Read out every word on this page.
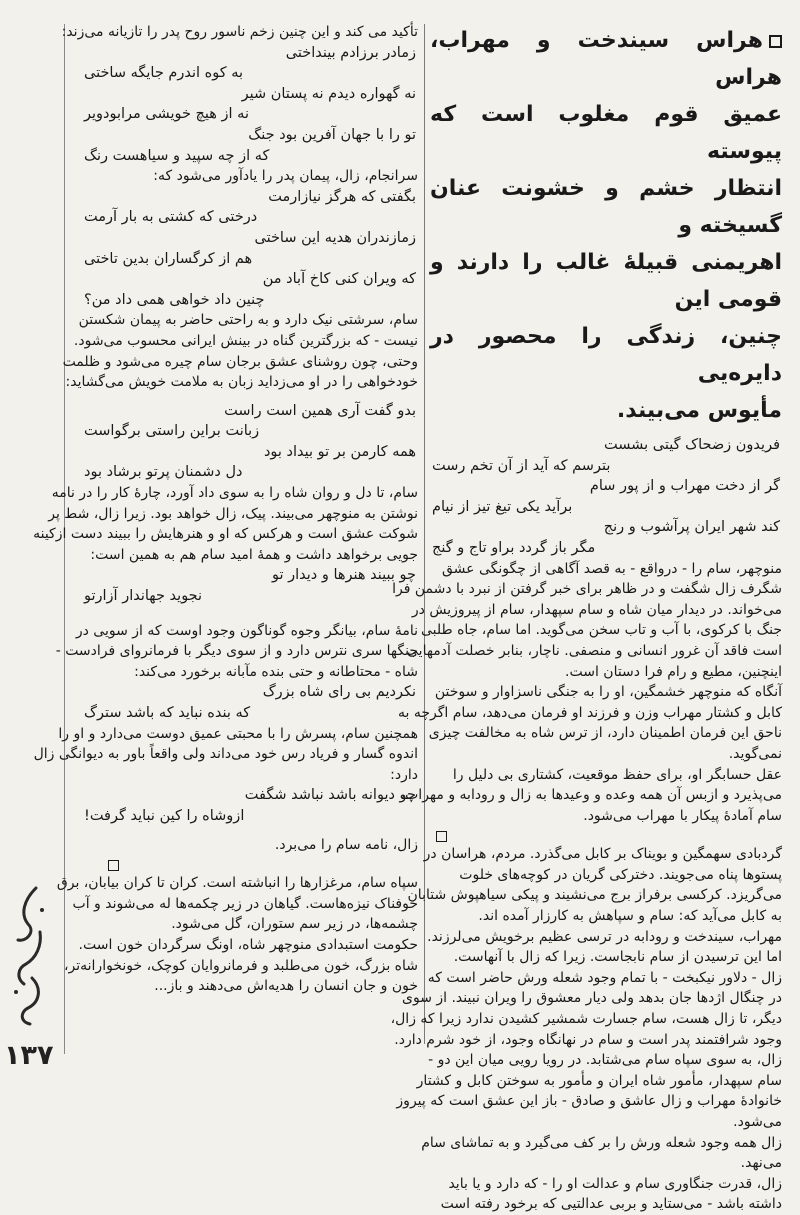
هراس سیندخت و مهراب، هراس
عمیق قوم مغلوب است که پیوسته
انتظار خشم و خشونت عنان گسیخته و
اهریمنی قبیلهٔ غالب را دارند و قومی این
چنین، زندگی را محصور در دایره‌یی
مأیوس می‌بیند.
فریدون زضحاک گیتی بشست
بترسم که آید از آن تخم رست
گر از دخت مهراب و از پور سام
برآید یکی تیغ تیز از نیام
کند شهر ایران پرآشوب و رنج
مگر باز گردد براو تاج و گنج
منوچهر، سام را - درواقع - به قصد آگاهی از چگونگی عشق
شگرف زال شگفت و در ظاهر برای خبر گرفتن از نبرد با دشمن فرا
می‌خواند. در دیدار میان شاه و سام سپهدار، سام از پیروزیش در
جنگ با کرکوی، با آب و تاب سخن می‌گوید. اما سام، جاه طلبی
است فاقد آن غرور انسانی و منصفی. ناچار، بنابر خصلت آدمهایی
اینچنین، مطیع و رام فرا دستان است.
آنگاه که منوچهر خشمگین، او را به جنگی ناسزاوار و سوختن
کابل و کشتار مهراب وزن و فرزند او فرمان می‌دهد، سام اگرچه به
ناحق این فرمان اطمینان دارد، از ترس شاه به مخالفت چیزی
نمی‌گوید.
عقل حسابگر او، برای حفظ موقعیت، کشتاری بی دلیل را
می‌پذیرد و ازبس آن همه وعده و وعیدها به زال و رودابه و مهراب،
سام آمادهٔ پیکار با مهراب می‌شود.
گردبادی سهمگین و بویناک بر کابل می‌گذرد. مردم، هراسان در
پستوها پناه می‌جویند. دخترکی گریان در کوچه‌های خلوت
می‌گریزد. کرکسی برفراز برج می‌نشیند و پیکی سیاهپوش شتابان
به کابل می‌آید که: سام و سپاهش به کارزار آمده اند.
مهراب، سیندخت و رودابه در ترسی عظیم برخویش می‌لرزند.
اما این ترسیدن از سام نابجاست. زیرا که زال با آنهاست.
زال - دلاور نیکبخت - با تمام وجود شعله ورش حاضر است که
در چنگال اژدها جان بدهد ولی دیار معشوق را ویران نبیند. از سوی
دیگر، تا زال هست، سام جسارت شمشیر کشیدن ندارد زیرا که زال،
وجود شرافتمند پدر است و سام در نهانگاه وجود، از خود شرم دارد.
زال، به سوی سپاه سام می‌شتابد. در رویا رویی میان این دو -
سام سپهدار، مأمور شاه ایران و مأمور به سوختن کابل و کشتار
خانوادهٔ مهراب و زال عاشق و صادق - باز این عشق است که پیروز
می‌شود.
زال همه وجود شعله ورش را بر کف می‌گیرد و به تماشای سام
می‌نهد.
زال، قدرت جنگاوری سام و عدالت او را - که دارد و یا باید
داشته باشد - می‌ستاید و بربی عدالتیی که برخود رفته است
تأکید می کند و این چنین زخم ناسور روح پدر را تازیانه می‌زند:
زمادر برزادم بینداختی
به کوه اندرم جایگه ساختی
نه گهواره دیدم نه پستان شیر
نه از هیچ خویشی مرابودویر
تو را با جهان آفرین بود جنگ
که از چه سپید و سیاهست رنگ
سرانجام، زال، پیمان پدر را یادآور می‌شود که:
بگفتی که هرگز نیازارمت
درختی که کشتی به بار آرمت
زمازندران هدیه این ساختی
هم از کرگساران بدین تاختی
که ویران کنی کاخ آباد من
چنین داد خواهی همی داد من؟
سام، سرشتی نیک دارد و به راحتی حاضر به پیمان شکستن
نیست - که بزرگترین گناه در بینش ایرانی محسوب می‌شود.
وحتی، چون روشنای عشق برجان سام چیره می‌شود و ظلمت
خودخواهی را در او می‌زداید زبان به ملامت خویش می‌گشاید:
بدو گفت آری همین است راست
زبانت براین راستی برگواست
همه کارمن بر تو بیداد بود
دل دشمنان پرتو برشاد بود
سام، تا دل و روان شاه را به سوی داد آورد، چارهٔ کار را در نامه
نوشتن به منوچهر می‌بیند. پیک، زال خواهد بود. زیرا زال، شط پر
شوکت عشق است و هرکس که او و هنرهایش را ببیند دست ازکینه
جویی برخواهد داشت و همهٔ امید سام هم به همین است:
چو ببیند هنرها و دیدار تو
نجوید جهاندار آزارتو
نامهٔ سام، بیانگر وجوه گوناگون وجود اوست که از سویی در
جنگها سری نترس دارد و از سوی دیگر با فرمانروای فرادست -
شاه - محتاطانه و حتی بنده مآبانه برخورد می‌کند:
نکردیم بی رای شاه بزرگ
که بنده نباید که باشد سترگ
همچنین سام، پسرش را با محبتی عمیق دوست می‌دارد و او را
اندوه گسار و فریاد رس خود می‌داند ولی واقعاً باور به دیوانگی زال
دارد:
چو دیوانه باشد نباشد شگفت
ازوشاه را کین نباید گرفت!
زال، نامه سام را می‌برد.
سپاه سام، مرغزارها را انباشته است. کران تا کران بیابان، برق
خوفناک نیزه‌هاست. گیاهان در زیر چکمه‌ها له می‌شوند و آب
چشمه‌ها، در زیر سم ستوران، گل می‌شود.
حکومت استبدادی منوچهر شاه، اونگ سرگردان خون است.
شاه بزرگ، خون می‌طلبد و فرمانروایان کوچک، خونخوارانه‌تر،
خون و جان انسان را هدیه‌اش می‌دهند و باز...
۱۳۷
